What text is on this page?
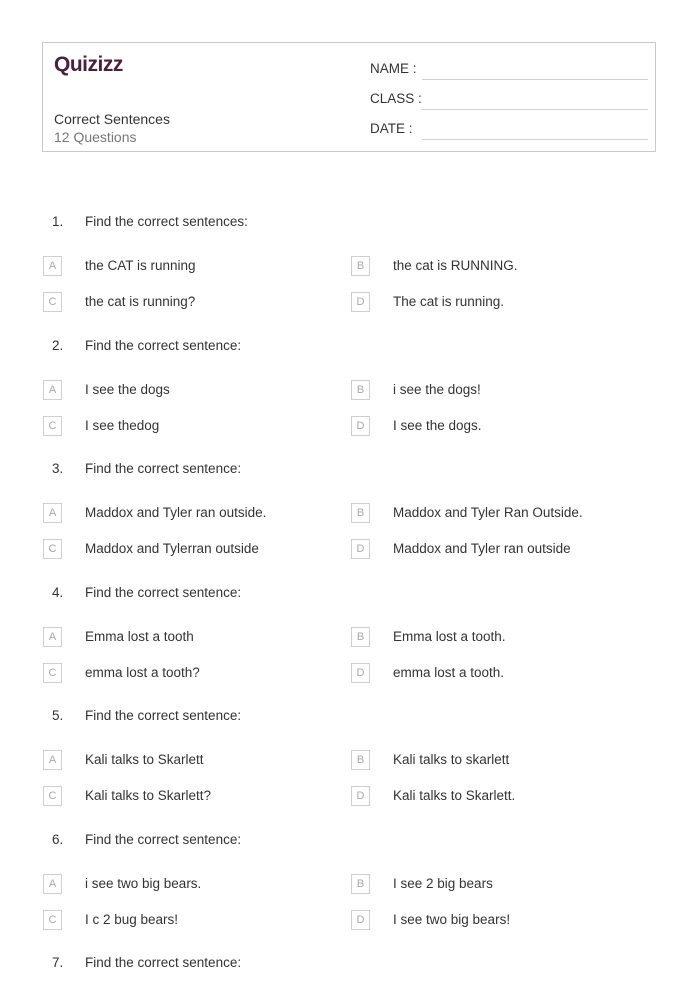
Quizizz
Correct Sentences
12 Questions
NAME :
CLASS :
DATE :
1. Find the correct sentences:
A	the CAT is running	B	the cat is RUNNING.
C	the cat is running?	D	The cat is running.
2. Find the correct sentence:
A	I see the dogs	B	i see the dogs!
C	I see thedog	D	I see the dogs.
3. Find the correct sentence:
A	Maddox and Tyler ran outside.	B	Maddox and Tyler Ran Outside.
C	Maddox and Tylerran outside	D	Maddox and Tyler ran outside
4. Find the correct sentence:
A	Emma lost a tooth	B	Emma lost a tooth.
C	emma lost a tooth?	D	emma lost a tooth.
5. Find the correct sentence:
A	Kali talks to Skarlett	B	Kali talks to skarlett
C	Kali talks to Skarlett?	D	Kali talks to Skarlett.
6. Find the correct sentence:
A	i see two big bears.	B	I see 2 big bears
C	I c 2 bug bears!	D	I see two big bears!
7. Find the correct sentence:
